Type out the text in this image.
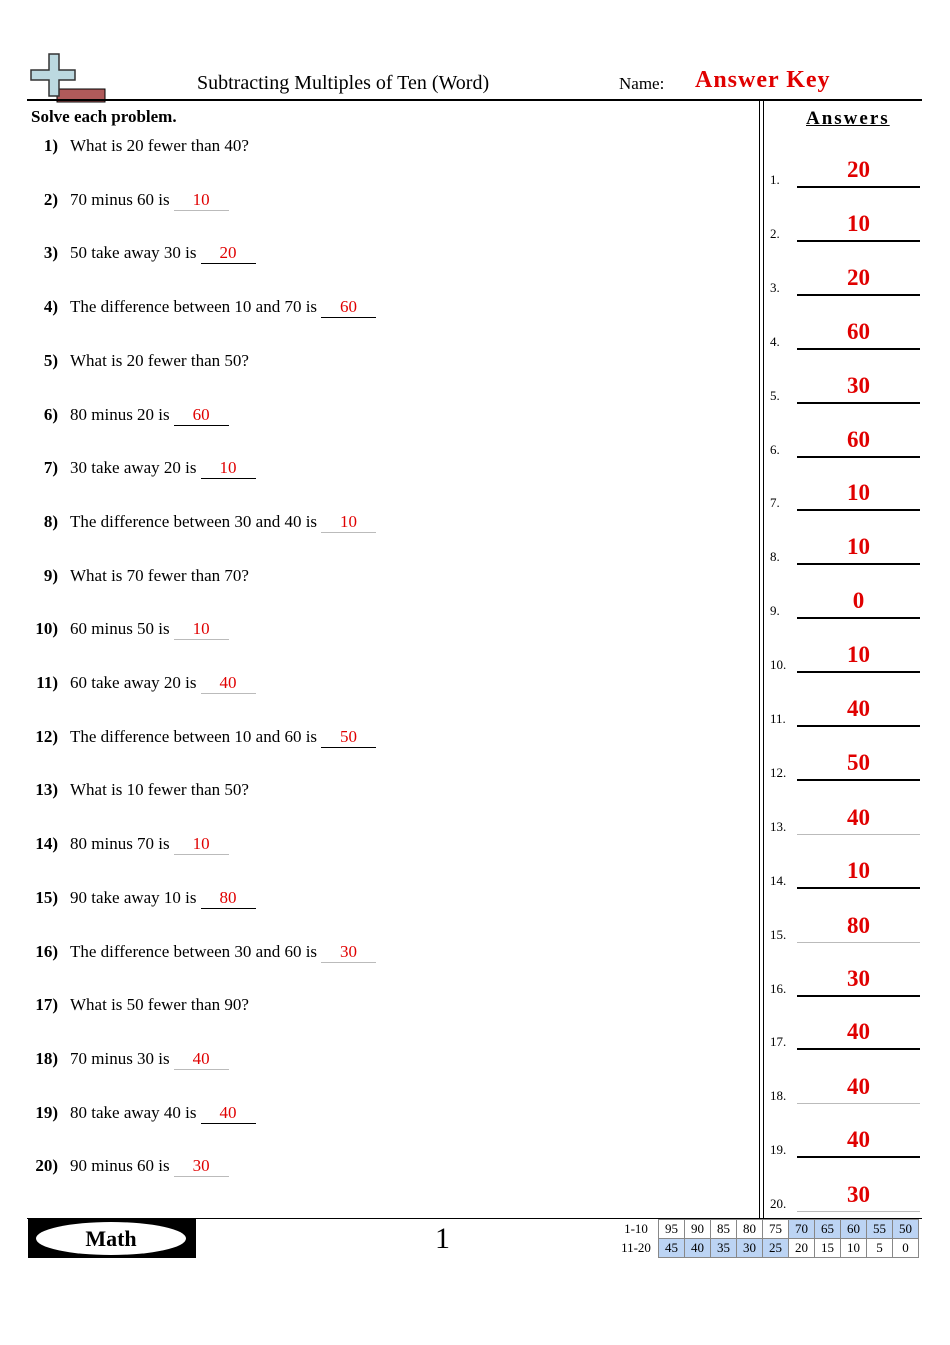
Subtracting Multiples of Ten (Word)	Name: Answer Key
Solve each problem.	Answers
1) What is 20 fewer than 40?
2) 70 minus 60 is 10
3) 50 take away 30 is 20
4) The difference between 10 and 70 is 60
5) What is 20 fewer than 50?
6) 80 minus 20 is 60
7) 30 take away 20 is 10
8) The difference between 30 and 40 is 10
9) What is 70 fewer than 70?
10) 60 minus 50 is 10
11) 60 take away 20 is 40
12) The difference between 10 and 60 is 50
13) What is 10 fewer than 50?
14) 80 minus 70 is 10
15) 90 take away 10 is 80
16) The difference between 30 and 60 is 30
17) What is 50 fewer than 90?
18) 70 minus 30 is 40
19) 80 take away 40 is 40
20) 90 minus 60 is 30
1.	20
2.	10
3.	20
4.	60
5.	30
6.	60
7.	10
8.	10
9.	0
10.	10
11.	40
12.	50
13.	40
14.	10
15.	80
16.	30
17.	40
18.	40
19.	40
20.	30
Math	1	1-10	95	90	85	80	75	70	65	60	55	50
11-20	45	40	35	30	25	20	15	10	5	0
